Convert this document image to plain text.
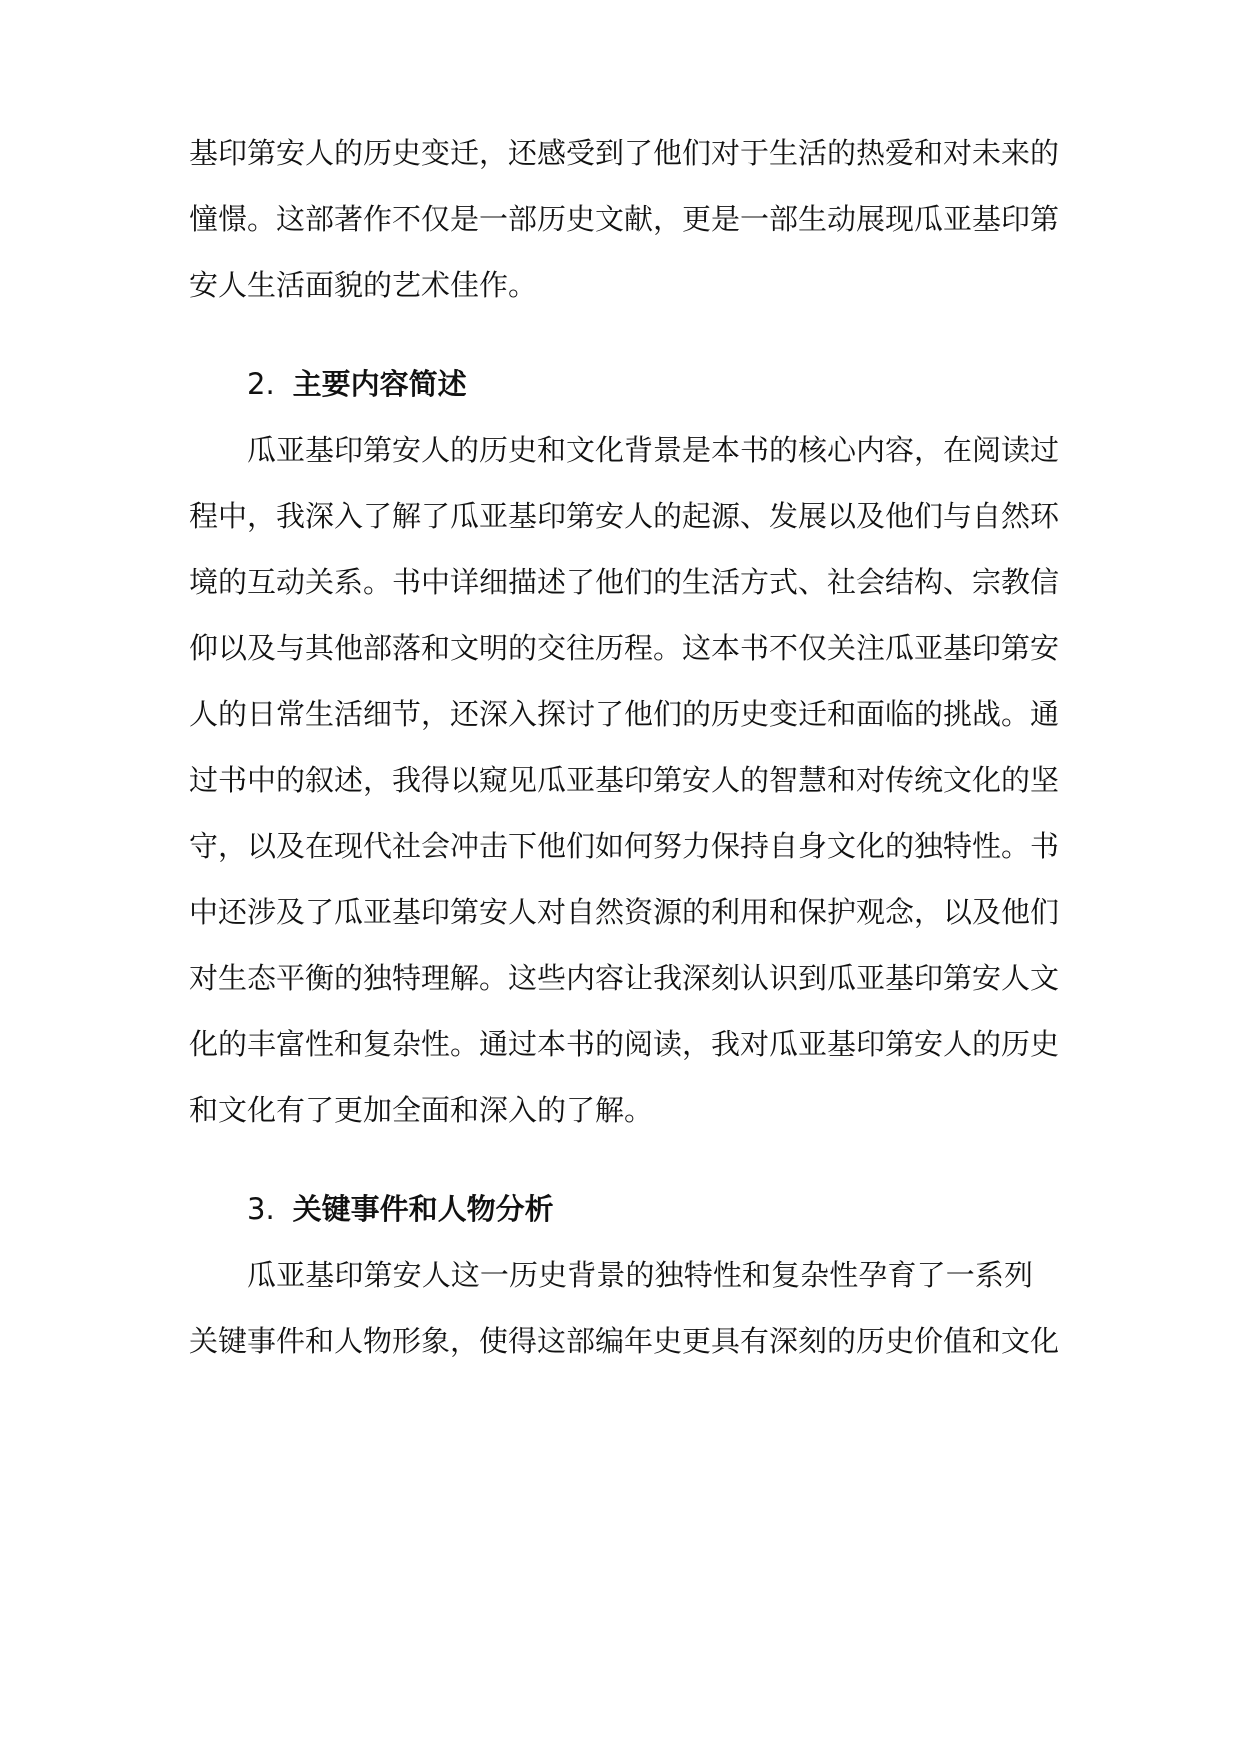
基印第安人的历史变迁，还感受到了他们对于生活的热爱和对未来的
憧憬。这部著作不仅是一部历史文献，更是一部生动展现瓜亚基印第
安人生活面貌的艺术佳作。
2. 主要内容简述
瓜亚基印第安人的历史和文化背景是本书的核心内容，在阅读过
程中，我深入了解了瓜亚基印第安人的起源、发展以及他们与自然环
境的互动关系。书中详细描述了他们的生活方式、社会结构、宗教信
仰以及与其他部落和文明的交往历程。这本书不仅关注瓜亚基印第安
人的日常生活细节，还深入探讨了他们的历史变迁和面临的挑战。通
过书中的叙述，我得以窥见瓜亚基印第安人的智慧和对传统文化的坚
守，以及在现代社会冲击下他们如何努力保持自身文化的独特性。书
中还涉及了瓜亚基印第安人对自然资源的利用和保护观念，以及他们
对生态平衡的独特理解。这些内容让我深刻认识到瓜亚基印第安人文
化的丰富性和复杂性。通过本书的阅读，我对瓜亚基印第安人的历史
和文化有了更加全面和深入的了解。
3. 关键事件和人物分析
瓜亚基印第安人这一历史背景的独特性和复杂性孕育了一系列
关键事件和人物形象，使得这部编年史更具有深刻的历史价值和文化
